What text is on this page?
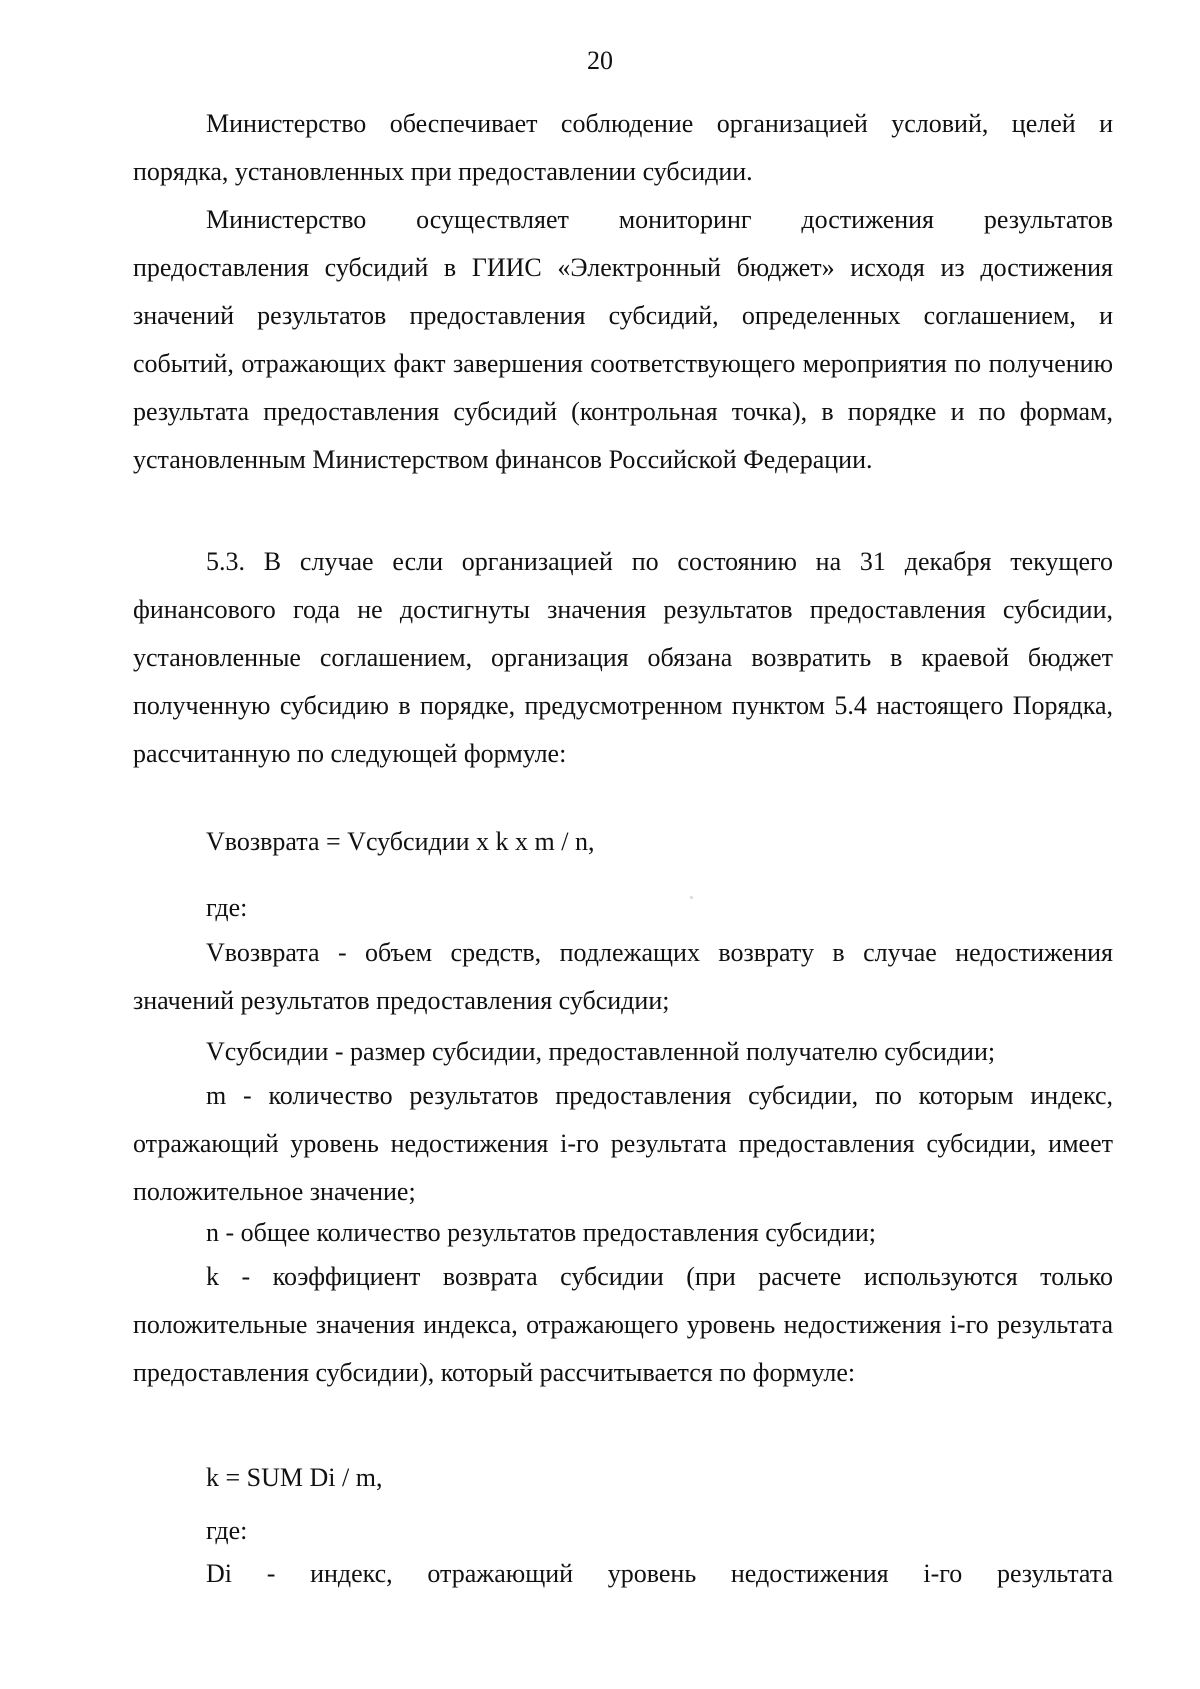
20
Министерство обеспечивает соблюдение организацией условий, целей и порядка, установленных при предоставлении субсидии.
Министерство осуществляет мониторинг достижения результатов предоставления субсидий в ГИИС «Электронный бюджет» исходя из достижения значений результатов предоставления субсидий, определенных соглашением, и событий, отражающих факт завершения соответствующего мероприятия по получению результата предоставления субсидий (контрольная точка), в порядке и по формам, установленным Министерством финансов Российской Федерации.
5.3. В случае если организацией по состоянию на 31 декабря текущего финансового года не достигнуты значения результатов предоставления субсидии, установленные соглашением, организация обязана возвратить в краевой бюджет полученную субсидию в порядке, предусмотренном пунктом 5.4 настоящего Порядка, рассчитанную по следующей формуле:
Vвозврата = Vсубсидии x k x m / n,
где:
Vвозврата - объем средств, подлежащих возврату в случае недостижения значений результатов предоставления субсидии;
Vсубсидии - размер субсидии, предоставленной получателю субсидии;
m - количество результатов предоставления субсидии, по которым индекс, отражающий уровень недостижения i-го результата предоставления субсидии, имеет положительное значение;
n - общее количество результатов предоставления субсидии;
k - коэффициент возврата субсидии (при расчете используются только положительные значения индекса, отражающего уровень недостижения i-го результата предоставления субсидии), который рассчитывается по формуле:
k = SUM Di / m,
где:
Di - индекс, отражающий уровень недостижения i-го результата
